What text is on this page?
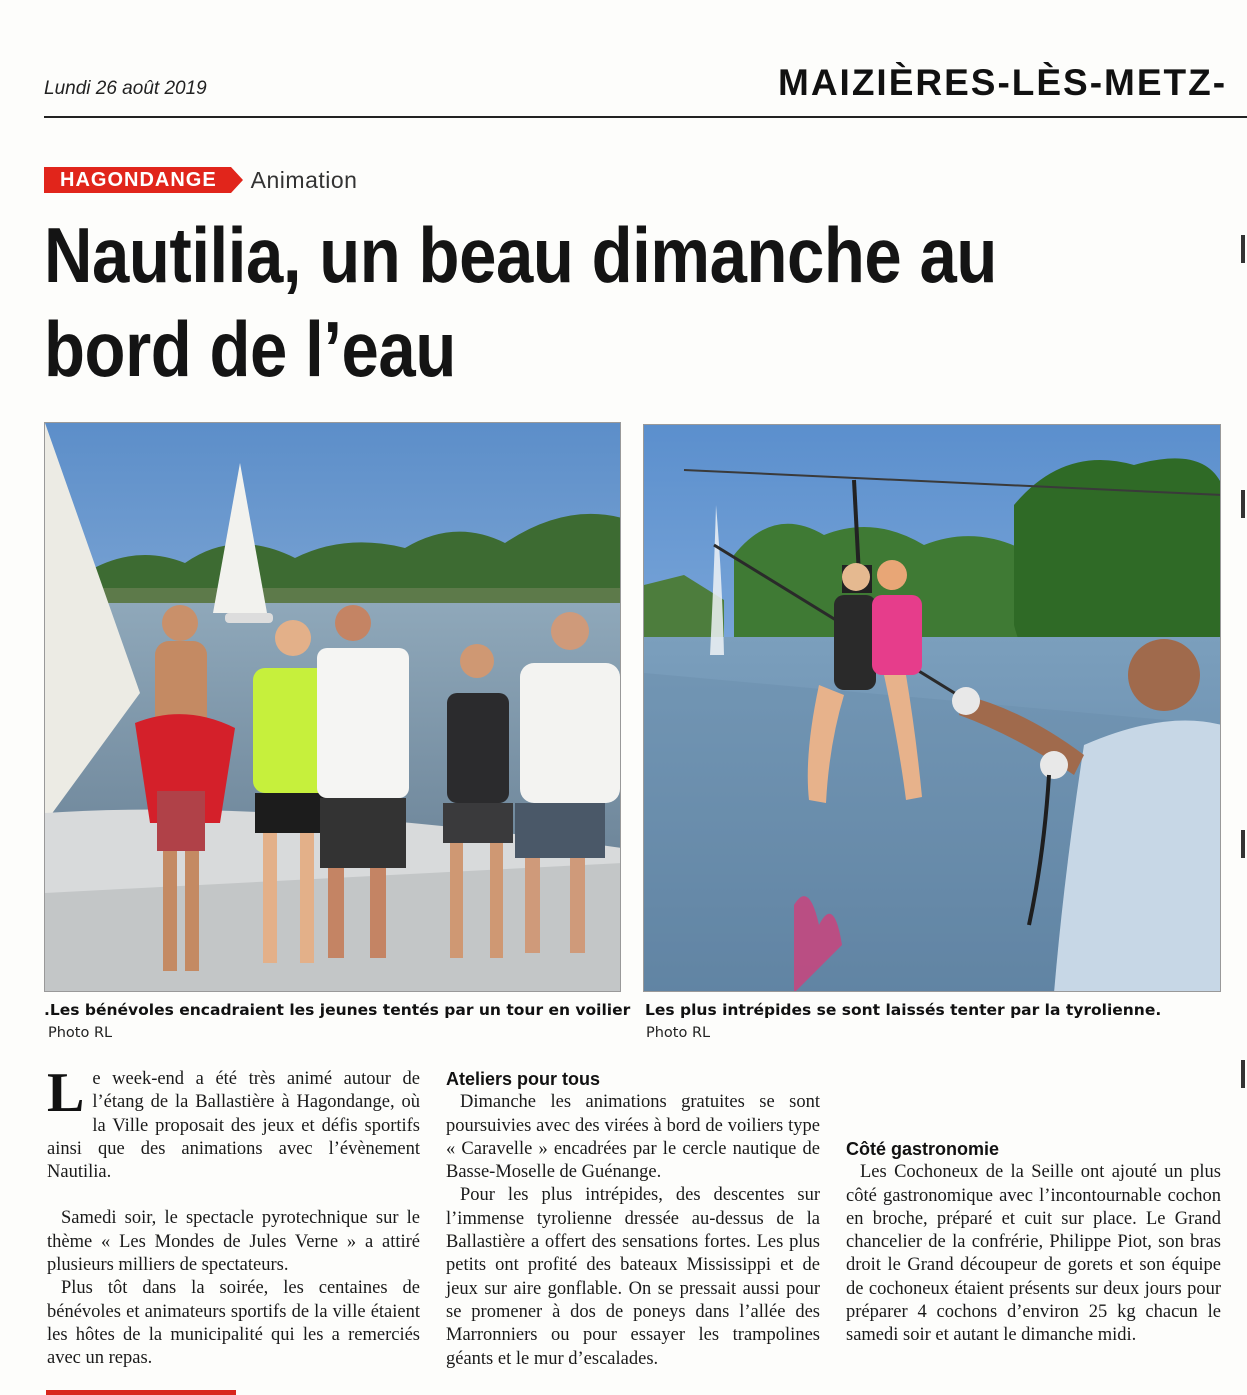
Lundi 26 août 2019	MAIZIÈRES-LÈS-METZ-
HAGONDANGE	Animation
Nautilia, un beau dimanche au bord de l’eau
.Les bénévoles encadraient les jeunes tentés par un tour en voilier
Photo RL
Les plus intrépides se sont laissés tenter par la tyrolienne.
Photo RL

Le week-end a été très animé autour de l’étang de la Ballastière à Hagondange, où la Ville proposait des jeux et défis sportifs ainsi que des animations avec l’évènement Nautilia.

Samedi soir, le spectacle pyrotechnique sur le thème « Les Mondes de Jules Verne » a attiré plusieurs milliers de spectateurs.

Plus tôt dans la soirée, les centaines de bénévoles et animateurs sportifs de la ville étaient les hôtes de la municipalité qui les a remerciés avec un repas.

Ateliers pour tous

Dimanche les animations gratuites se sont poursuivies avec des virées à bord de voiliers type « Caravelle » encadrées par le cercle nautique de Basse-Moselle de Guénange.

Pour les plus intrépides, des descentes sur l’immense tyrolienne dressée au-dessus de la Ballastière a offert des sensations fortes. Les plus petits ont profité des bateaux Mississippi et de jeux sur aire gonflable. On se pressait aussi pour se promener à dos de poneys dans l’allée des Marronniers ou pour essayer les trampolines géants et le mur d’escalades.

Côté gastronomie

Les Cochoneux de la Seille ont ajouté un plus côté gastronomique avec l’incontournable cochon en broche, préparé et cuit sur place. Le Grand chancelier de la confrérie, Philippe Piot, son bras droit le Grand découpeur de gorets et son équipe de cochoneux étaient présents sur deux jours pour préparer 4 cochons d’environ 25 kg chacun le samedi soir et autant le dimanche midi.
